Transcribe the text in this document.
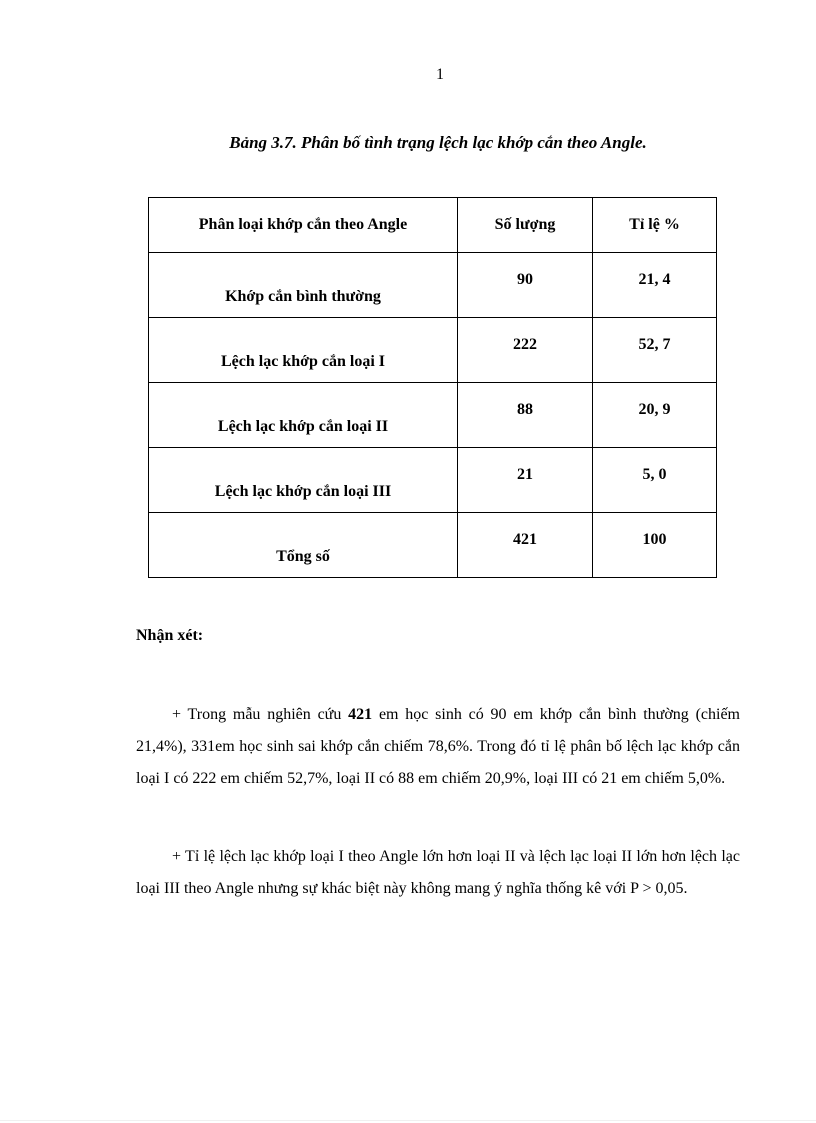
1
Bảng 3.7. Phân bố tình trạng lệch lạc khớp cắn theo Angle.
Phân loại khớp cắn theo Angle	Số lượng	Tỉ lệ %

Khớp cắn bình thường	90	21, 4

Lệch lạc khớp cắn loại I	222	52, 7

Lệch lạc khớp cắn loại II	88	20, 9

Lệch lạc khớp cắn loại III	21	5, 0

Tổng số	421	100
Nhận xét:

+ Trong mẫu nghiên cứu 421 em học sinh có 90 em khớp cắn bình thường (chiếm 21,4%), 331em học sinh sai khớp cắn chiếm 78,6%. Trong đó tỉ lệ phân bố lệch lạc khớp cắn loại I có 222 em chiếm 52,7%, loại II có 88 em chiếm 20,9%, loại III có 21 em chiếm 5,0%.

+ Tỉ lệ lệch lạc khớp loại I theo Angle lớn hơn loại II và lệch lạc loại II lớn hơn lệch lạc loại III theo Angle nhưng sự khác biệt này không mang ý nghĩa thống kê với P > 0,05.
